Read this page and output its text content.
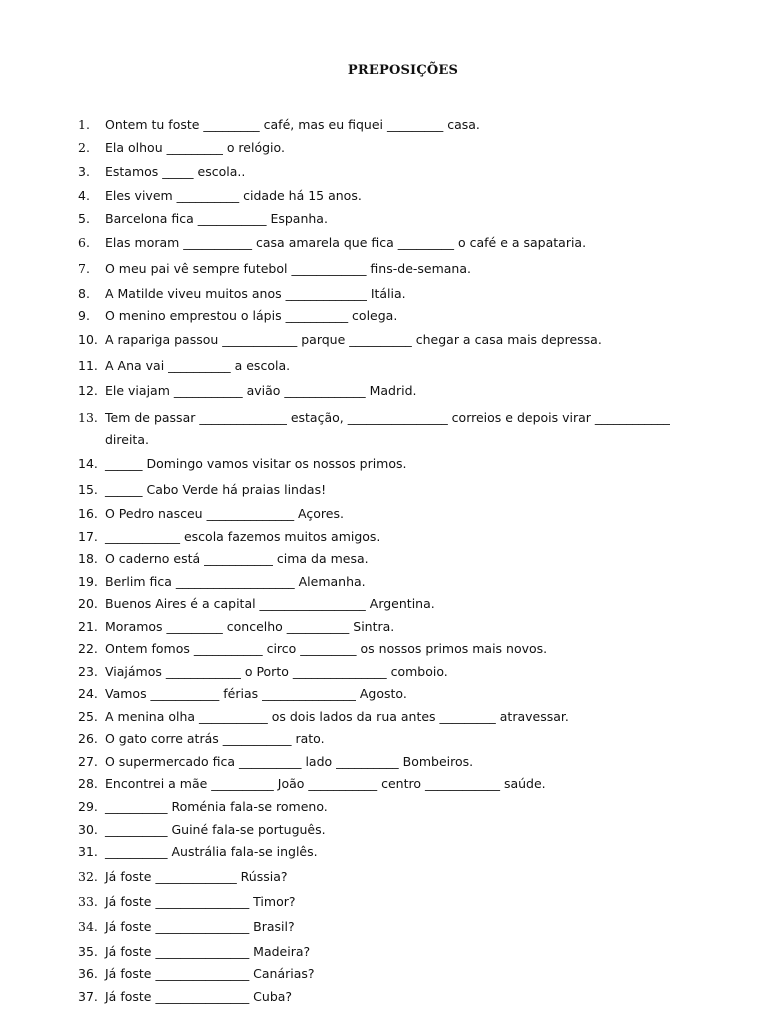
PREPOSIÇÕES
1.	Ontem tu foste _________ café, mas eu fiquei _________ casa.
2.	Ela olhou _________ o relógio.
3.	Estamos _____ escola..
4.	Eles vivem __________ cidade há 15 anos.
5.	Barcelona fica ___________ Espanha.
6.	Elas moram ___________ casa amarela que fica _________ o café e a sapataria.
7.	O meu pai vê sempre futebol ____________ fins-de-semana.
8.	A Matilde viveu muitos anos _____________ Itália.
9.	O menino emprestou o lápis __________ colega.
10. A rapariga passou ____________ parque __________ chegar a casa mais depressa.
11. A Ana vai __________ a escola.
12. Ele viajam ___________ avião _____________ Madrid.
13. Tem de passar ______________ estação, ________________ correios e depois virar ____________
direita.
14. ______ Domingo vamos visitar os nossos primos.
15. ______ Cabo Verde há praias lindas!
16. O Pedro nasceu ______________ Açores.
17. ____________ escola fazemos muitos amigos.
18. O caderno está ___________ cima da mesa.
19. Berlim fica ___________________ Alemanha.
20. Buenos Aires é a capital _________________ Argentina.
21. Moramos _________ concelho __________ Sintra.
22. Ontem fomos ___________ circo _________ os nossos primos mais novos.
23. Viajámos ____________ o Porto _______________ comboio.
24. Vamos ___________ férias _______________ Agosto.
25. A menina olha ___________ os dois lados da rua antes _________ atravessar.
26. O gato corre atrás ___________ rato.
27. O supermercado fica __________ lado __________ Bombeiros.
28. Encontrei a mãe __________ João ___________ centro ____________ saúde.
29. __________ Roménia fala-se romeno.
30. __________ Guiné fala-se português.
31. __________ Austrália fala-se inglês.
32. Já foste _____________ Rússia?
33. Já foste _______________ Timor?
34. Já foste _______________ Brasil?
35. Já foste _______________ Madeira?
36. Já foste _______________ Canárias?
37. Já foste _______________ Cuba?
